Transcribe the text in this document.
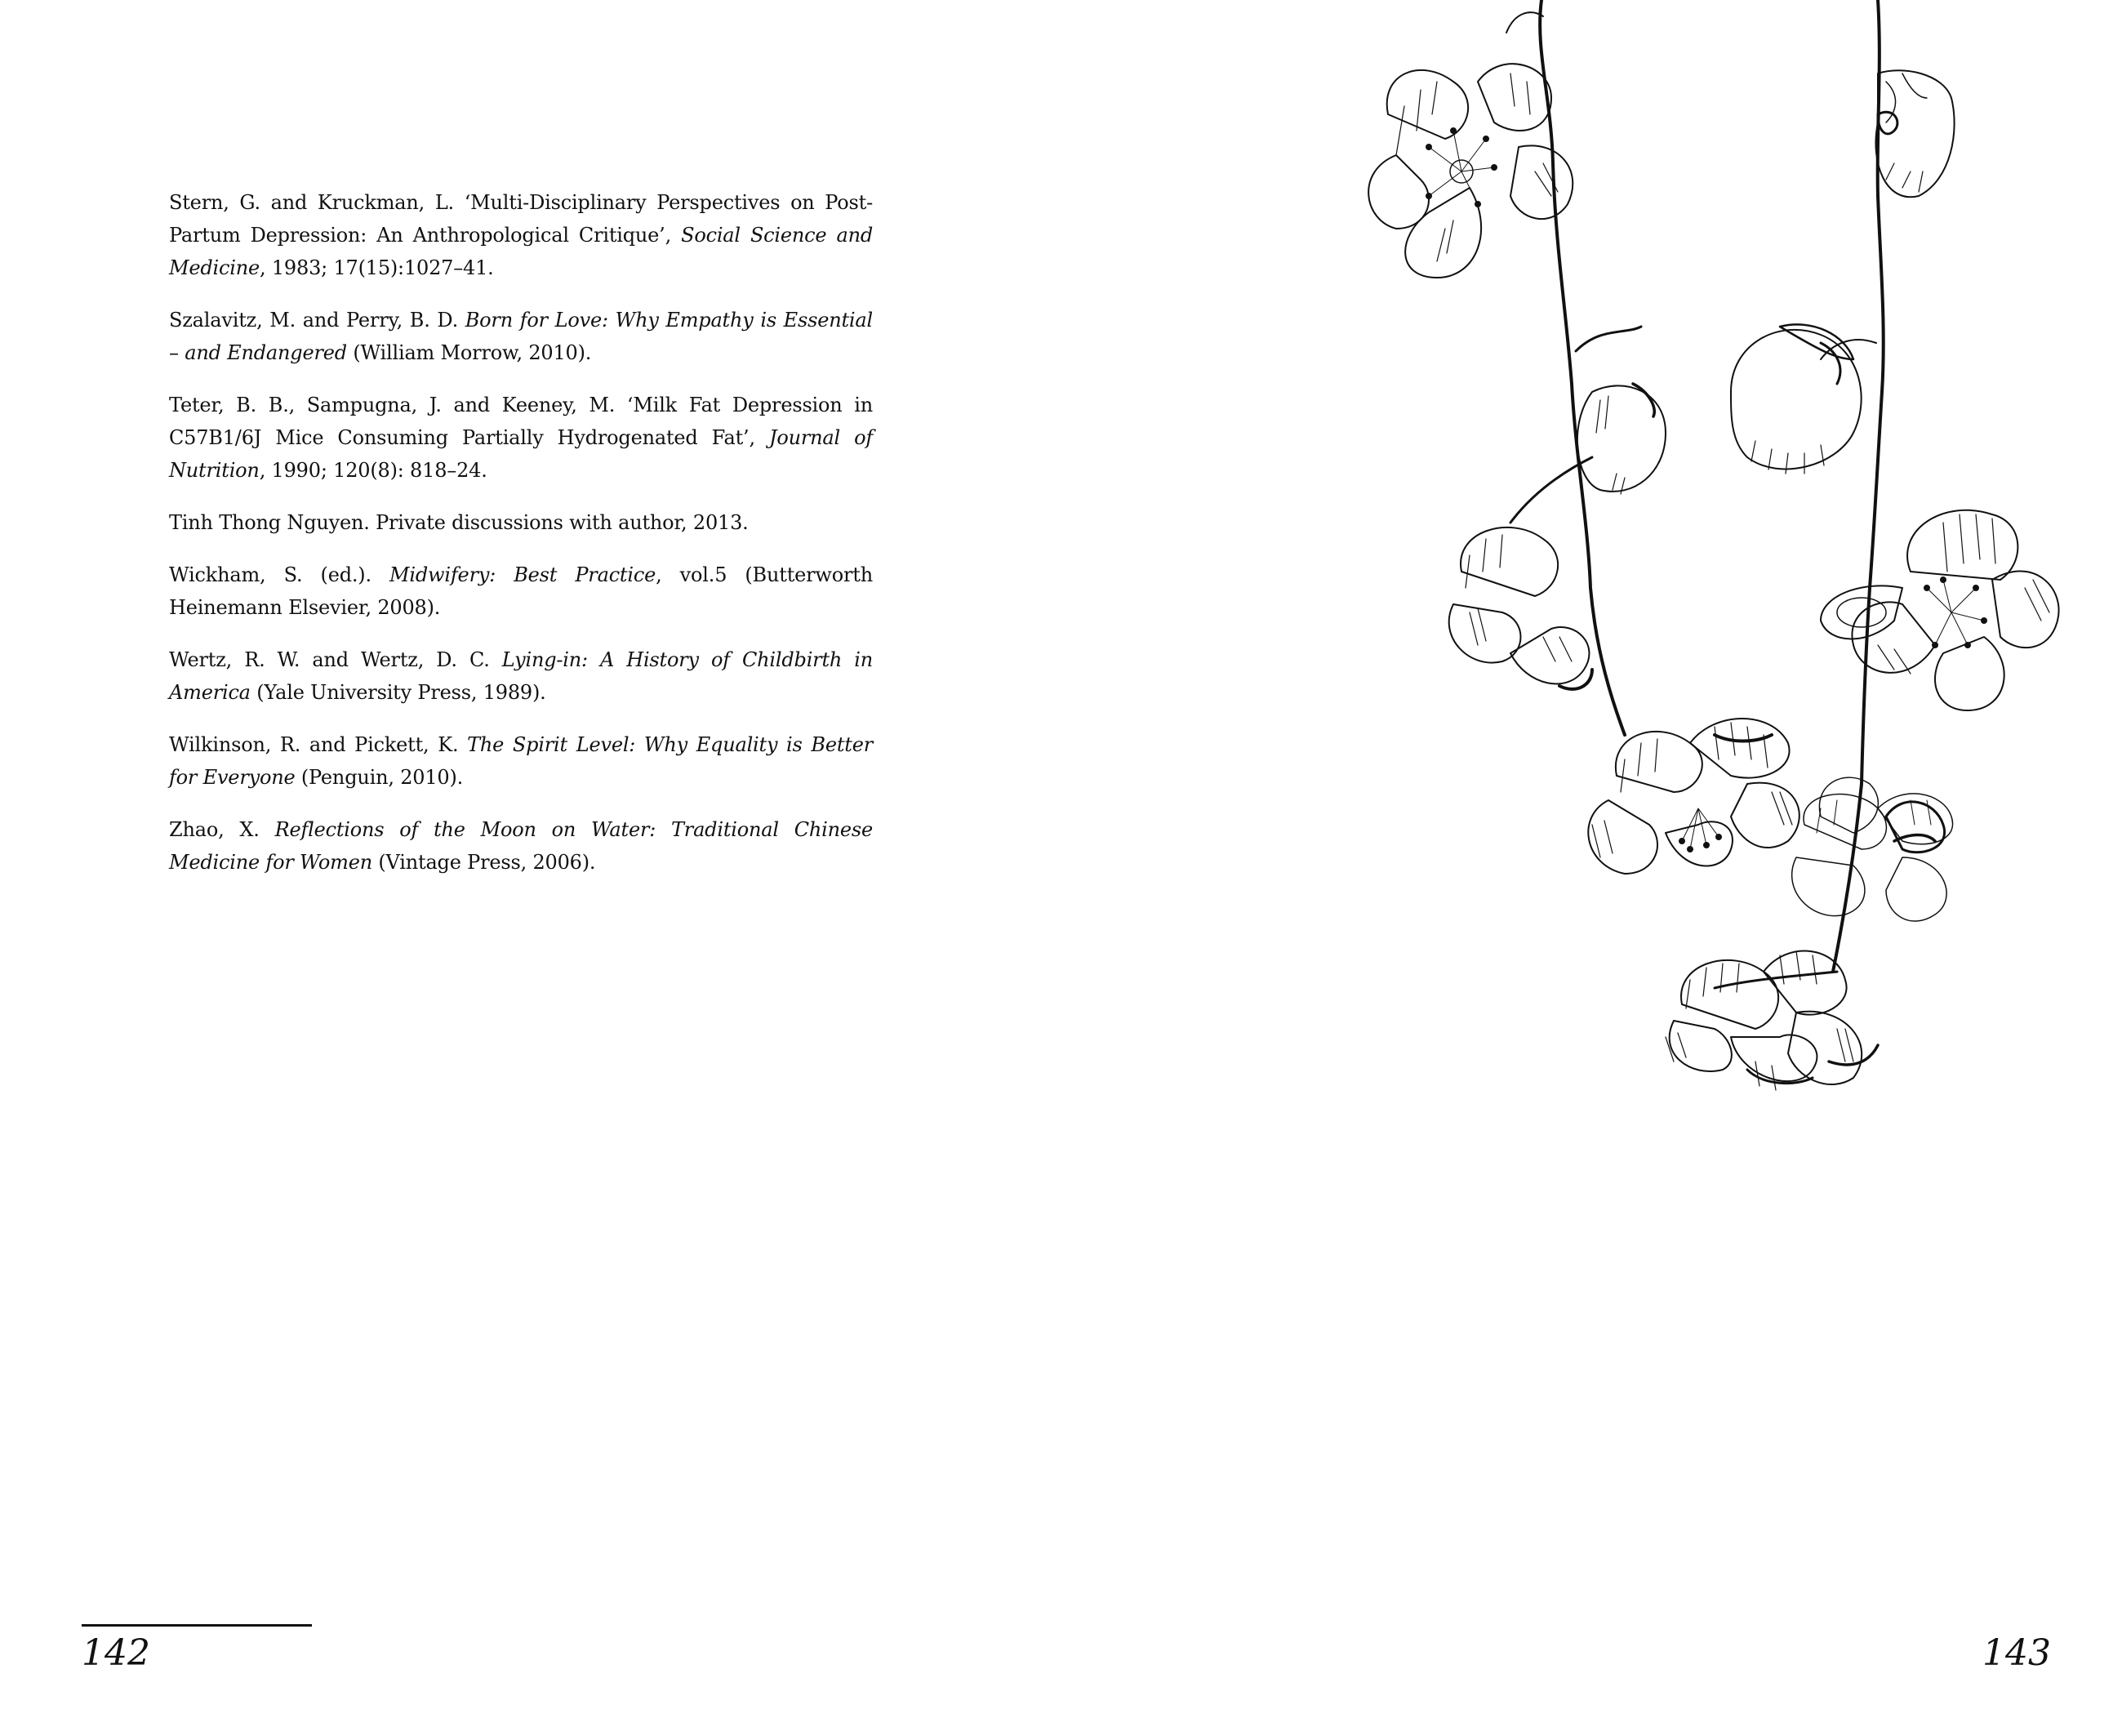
Stern, G. and Kruckman, L. ‘Multi-Disciplinary Perspectives on Post-Partum Depression: An Anthropological Critique’, Social Science and Medicine, 1983; 17(15):1027–41.

Szalavitz, M. and Perry, B. D. Born for Love: Why Empathy is Essential – and Endangered (William Morrow, 2010).

Teter, B. B., Sampugna, J. and Keeney, M. ‘Milk Fat Depression in C57B1/6J Mice Consuming Partially Hydrogenated Fat’, Journal of Nutrition, 1990; 120(8): 818–24.

Tinh Thong Nguyen. Private discussions with author, 2013.

Wickham, S. (ed.). Midwifery: Best Practice, vol.5 (Butterworth Heinemann Elsevier, 2008).

Wertz, R. W. and Wertz, D. C. Lying-in: A History of Childbirth in America (Yale University Press, 1989).

Wilkinson, R. and Pickett, K. The Spirit Level: Why Equality is Better for Everyone (Penguin, 2010).

Zhao, X. Reflections of the Moon on Water: Traditional Chinese Medicine for Women (Vintage Press, 2006).

142	143
